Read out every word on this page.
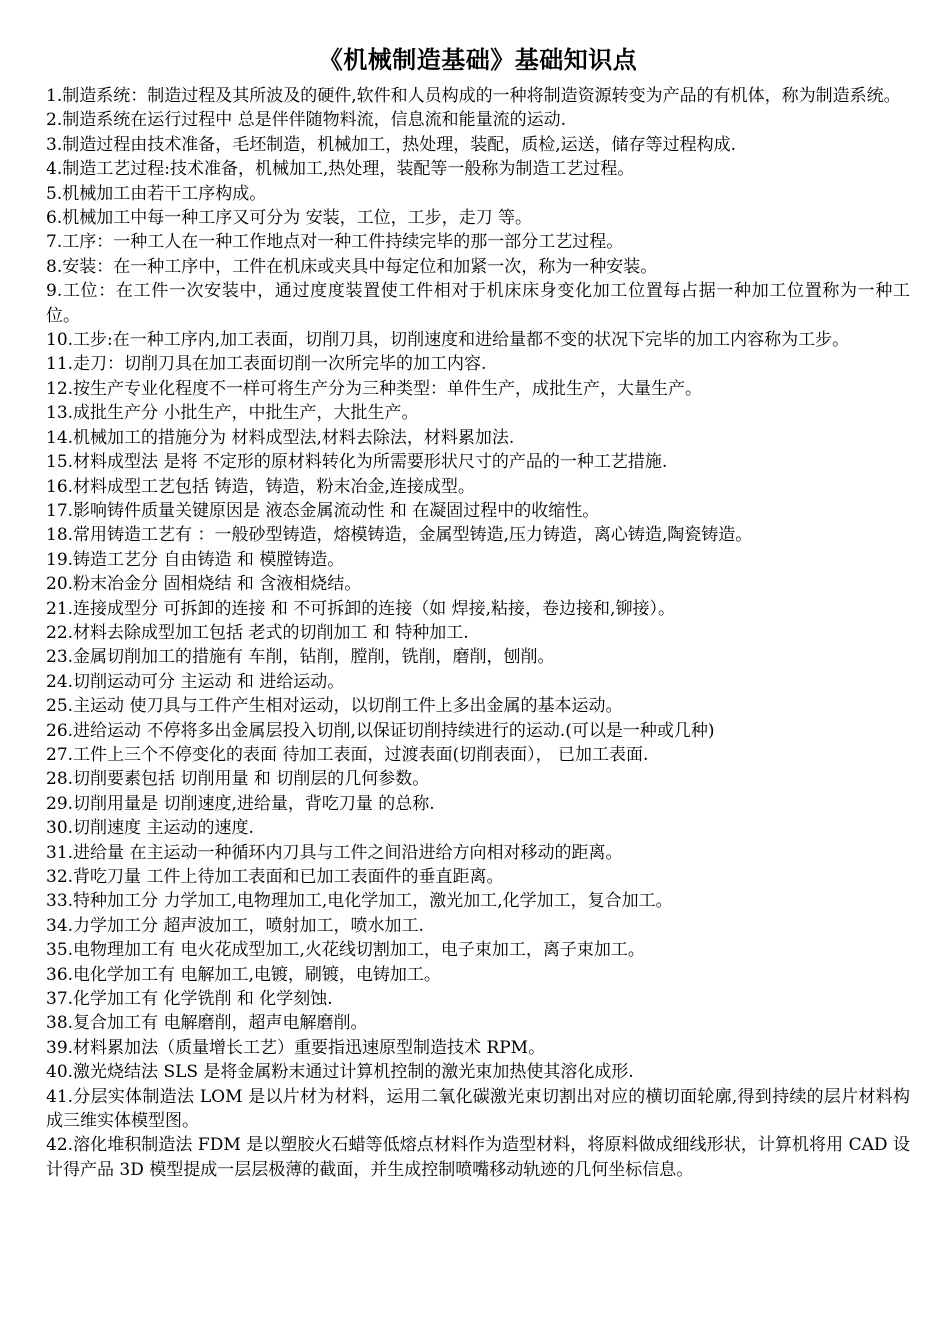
《机械制造基础》基础知识点
1.制造系统：制造过程及其所波及的硬件,软件和人员构成的一种将制造资源转变为产品的有机体，称为制造系统。
2.制造系统在运行过程中 总是伴伴随物料流，信息流和能量流的运动.
3.制造过程由技术准备，毛坯制造，机械加工，热处理，装配，质检,运送，储存等过程构成.
4.制造工艺过程:技术准备，机械加工,热处理，装配等一般称为制造工艺过程。
5.机械加工由若干工序构成。
6.机械加工中每一种工序又可分为 安装，工位，工步，走刀 等。
7.工序：一种工人在一种工作地点对一种工件持续完毕的那一部分工艺过程。
8.安装：在一种工序中，工件在机床或夹具中每定位和加紧一次，称为一种安装。
9.工位：在工件一次安装中，通过度度装置使工件相对于机床床身变化加工位置每占据一种加工位置称为一种工位。
10.工步:在一种工序内,加工表面，切削刀具，切削速度和进给量都不变的状况下完毕的加工内容称为工步。
11.走刀：切削刀具在加工表面切削一次所完毕的加工内容.
12.按生产专业化程度不一样可将生产分为三种类型：单件生产，成批生产，大量生产。
13.成批生产分 小批生产，中批生产，大批生产。
14.机械加工的措施分为 材料成型法,材料去除法，材料累加法.
15.材料成型法 是将 不定形的原材料转化为所需要形状尺寸的产品的一种工艺措施.
16.材料成型工艺包括 铸造，铸造，粉末冶金,连接成型。
17.影响铸件质量关键原因是 液态金属流动性 和 在凝固过程中的收缩性。
18.常用铸造工艺有 ：一般砂型铸造，熔模铸造，金属型铸造,压力铸造，离心铸造,陶瓷铸造。
19.铸造工艺分 自由铸造 和 模膛铸造。
20.粉末冶金分 固相烧结 和 含液相烧结。
21.连接成型分 可拆卸的连接 和 不可拆卸的连接（如 焊接,粘接，卷边接和,铆接）。
22.材料去除成型加工包括 老式的切削加工 和 特种加工.
23.金属切削加工的措施有 车削，钻削，膛削，铣削，磨削，刨削。
24.切削运动可分 主运动 和 进给运动。
25.主运动 使刀具与工件产生相对运动，以切削工件上多出金属的基本运动。
26.进给运动 不停将多出金属层投入切削,以保证切削持续进行的运动.(可以是一种或几种)
27.工件上三个不停变化的表面 待加工表面，过渡表面(切削表面）， 已加工表面.
28.切削要素包括 切削用量 和 切削层的几何参数。
29.切削用量是 切削速度,进给量，背吃刀量 的总称.
30.切削速度 主运动的速度.
31.进给量 在主运动一种循环内刀具与工件之间沿进给方向相对移动的距离。
32.背吃刀量 工件上待加工表面和已加工表面件的垂直距离。
33.特种加工分 力学加工,电物理加工,电化学加工，激光加工,化学加工，复合加工。
34.力学加工分 超声波加工，喷射加工，喷水加工.
35.电物理加工有 电火花成型加工,火花线切割加工，电子束加工，离子束加工。
36.电化学加工有 电解加工,电镀，刷镀，电铸加工。
37.化学加工有 化学铣削 和 化学刻蚀.
38.复合加工有 电解磨削，超声电解磨削。
39.材料累加法（质量增长工艺）重要指迅速原型制造技术 RPM。
40.激光烧结法 SLS 是将金属粉末通过计算机控制的激光束加热使其溶化成形.
41.分层实体制造法 LOM 是以片材为材料，运用二氧化碳激光束切割出对应的横切面轮廓,得到持续的层片材料构成三维实体模型图。
42.溶化堆积制造法 FDM 是以塑胶火石蜡等低熔点材料作为造型材料，将原料做成细线形状，计算机将用 CAD 设计得产品 3D 模型提成一层层极薄的截面，并生成控制喷嘴移动轨迹的几何坐标信息。
